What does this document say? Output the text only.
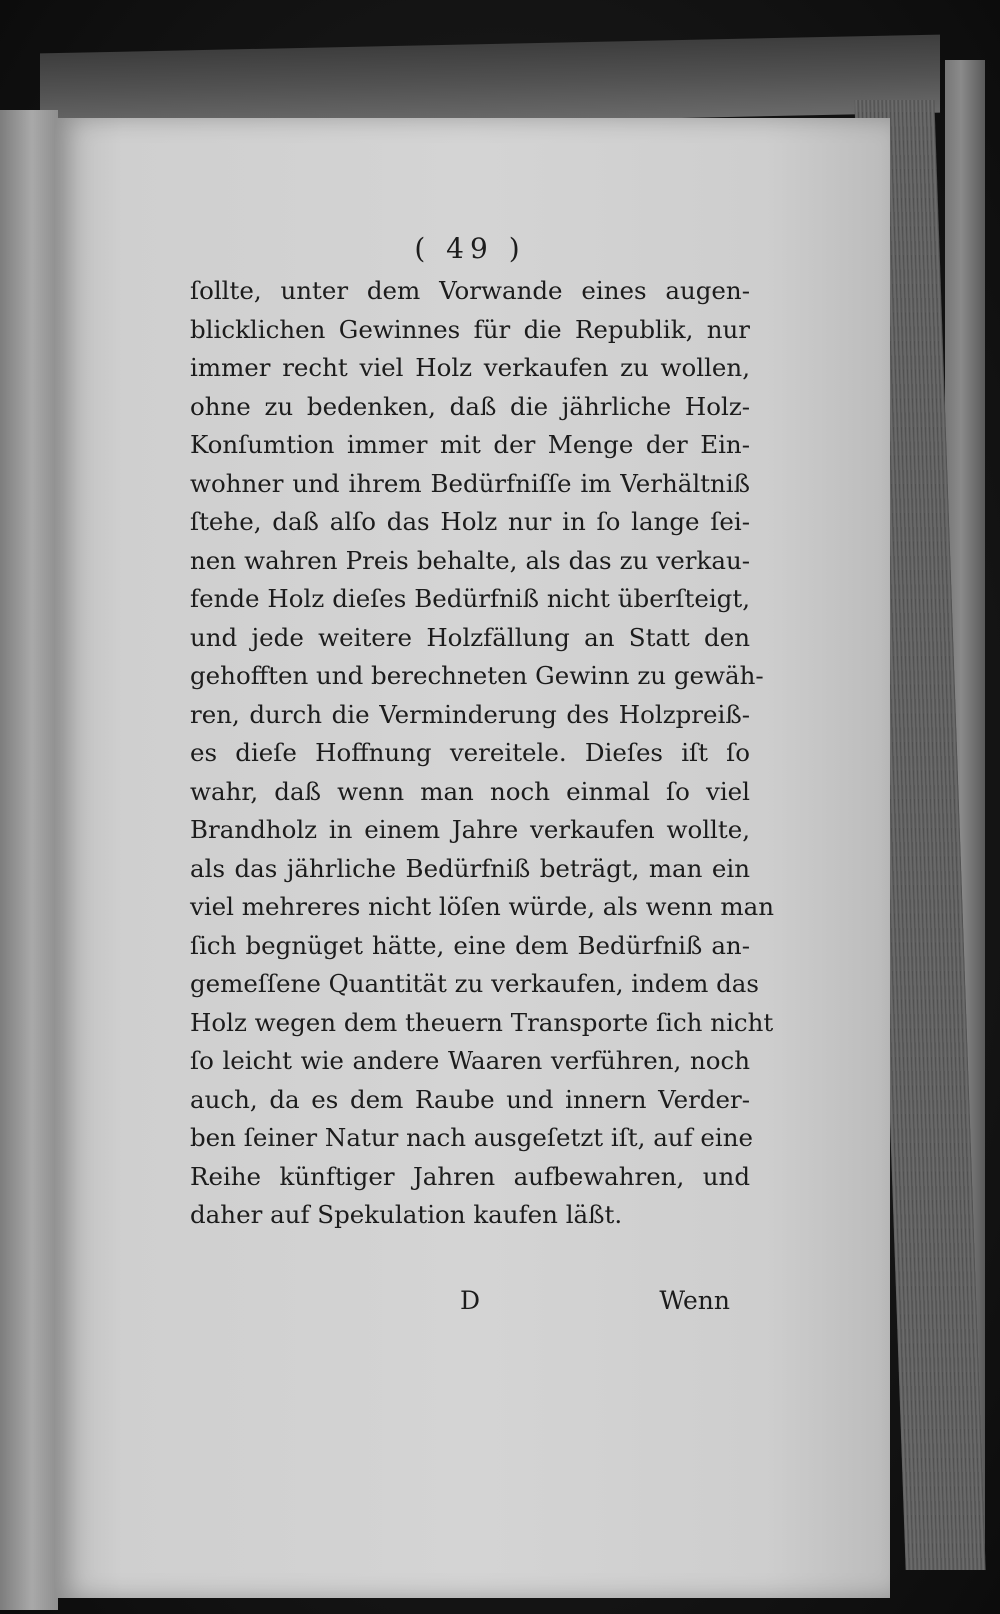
( 49 )
ſollte, unter dem Vorwande eines augen-
blicklichen Gewinnes für die Republik, nur
immer recht viel Holz verkaufen zu wollen,
ohne zu bedenken, daß die jährliche Holz-
Konſumtion immer mit der Menge der Ein-
wohner und ihrem Bedürfniſſe im Verhältniß
ſtehe, daß alſo das Holz nur in ſo lange ſei-
nen wahren Preis behalte, als das zu verkau-
fende Holz dieſes Bedürfniß nicht überſteigt,
und jede weitere Holzfällung an Statt den
gehofften und berechneten Gewinn zu gewäh-
ren, durch die Verminderung des Holzpreiß-
es dieſe Hoffnung vereitele. Dieſes iſt ſo
wahr, daß wenn man noch einmal ſo viel
Brandholz in einem Jahre verkaufen wollte,
als das jährliche Bedürfniß beträgt, man ein
viel mehreres nicht löſen würde, als wenn man
ſich begnüget hätte, eine dem Bedürfniß an-
gemeſſene Quantität zu verkaufen, indem das
Holz wegen dem theuern Transporte ſich nicht
ſo leicht wie andere Waaren verführen, noch
auch, da es dem Raube und innern Verder-
ben ſeiner Natur nach ausgeſetzt iſt, auf eine
Reihe künftiger Jahren aufbewahren, und
daher auf Spekulation kaufen läßt.
D	Wenn
